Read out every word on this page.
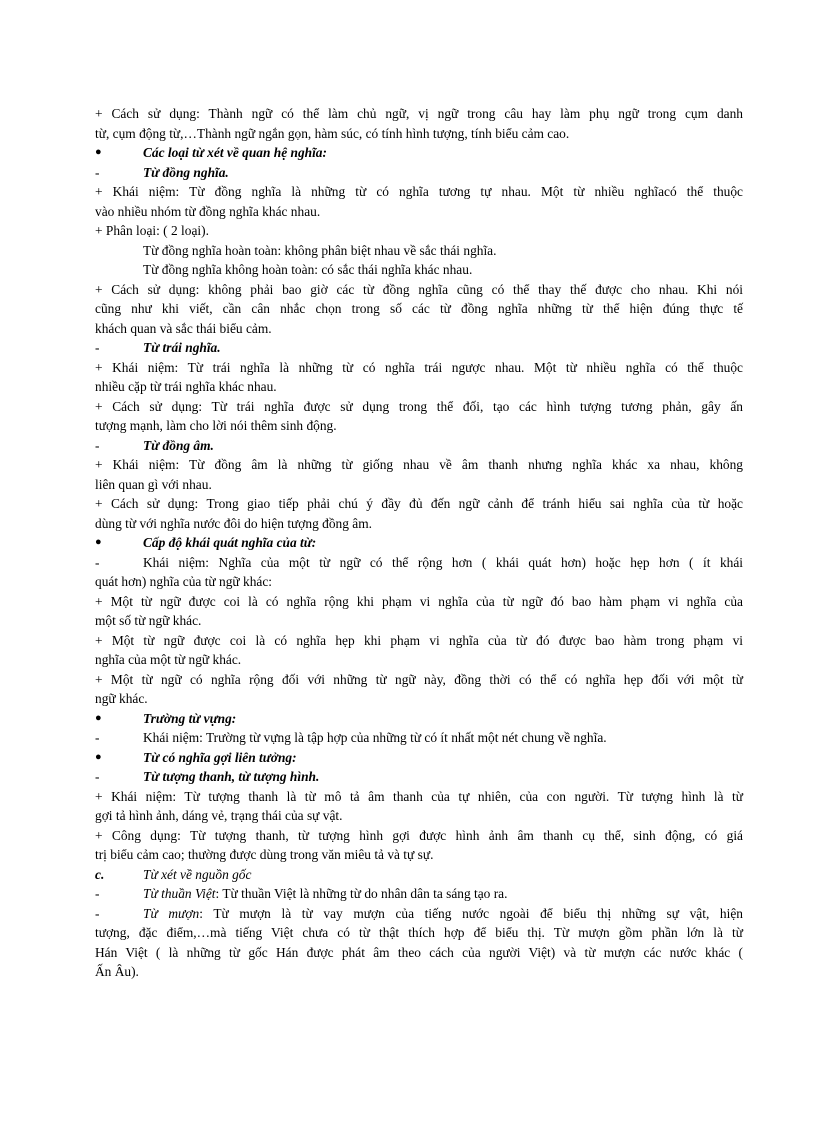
+ Cách sử dụng: Thành ngữ có thể làm chủ ngữ, vị ngữ trong câu hay làm phụ ngữ trong cụm danh
từ, cụm động từ,…Thành ngữ ngắn gọn, hàm súc, có tính hình tượng, tính biểu cảm cao.
●	Các loại từ xét về quan hệ nghĩa:
-	Từ đồng nghĩa.
+ Khái niệm: Từ đồng nghĩa là những từ có nghĩa tương tự nhau. Một từ nhiều nghĩacó thể thuộc
vào nhiều nhóm từ đồng nghĩa khác nhau.
+ Phân loại: ( 2 loại).
Từ đồng nghĩa hoàn toàn: không phân biệt nhau về sắc thái nghĩa.
Từ đồng nghĩa không hoàn toàn: có sắc thái nghĩa khác nhau.
+ Cách sử dụng: không phải bao giờ các từ đồng nghĩa cũng có thể thay thế được cho nhau. Khi nói
cũng như khi viết, cần cân nhắc chọn trong số các từ đồng nghĩa những từ thể hiện đúng thực tế
khách quan và sắc thái biểu cảm.
-	Từ trái nghĩa.
+ Khái niệm: Từ trái nghĩa là những từ có nghĩa trái ngược nhau. Một từ nhiều nghĩa có thể thuộc
nhiều cặp từ trái nghĩa khác nhau.
+ Cách sử dụng: Từ trái nghĩa được sử dụng trong thể đối, tạo các hình tượng tương phản, gây ấn
tượng mạnh, làm cho lời nói thêm sinh động.
-	Từ đồng âm.
+ Khái niệm: Từ đồng âm là những từ giống nhau về âm thanh nhưng nghĩa khác xa nhau, không
liên quan gì với nhau.
+ Cách sử dụng: Trong giao tiếp phải chú ý đầy đủ đến ngữ cảnh để tránh hiểu sai nghĩa của từ hoặc
dùng từ với nghĩa nước đôi do hiện tượng đồng âm.
●	Cấp độ khái quát nghĩa của từ:
-	Khái niệm: Nghĩa của một từ ngữ có thể rộng hơn ( khái quát hơn) hoặc hẹp hơn ( ít khái
quát hơn) nghĩa của từ ngữ khác:
+ Một từ ngữ được coi là có nghĩa rộng khi phạm vi nghĩa của từ ngữ đó bao hàm phạm vi nghĩa của
một số từ ngữ khác.
+ Một từ ngữ được coi là có nghĩa hẹp khi phạm vi nghĩa của từ đó được bao hàm trong phạm vi
nghĩa của một từ ngữ khác.
+ Một từ ngữ có nghĩa rộng đối với những từ ngữ này, đồng thời có thể có nghĩa hẹp đối với một từ
ngữ khác.
●	Trường từ vựng:
-	Khái niệm: Trường từ vựng là tập hợp của những từ có ít nhất một nét chung về nghĩa.
●	Từ có nghĩa gợi liên tưởng:
-	Từ tượng thanh, từ tượng hình.
+ Khái niệm: Từ tượng thanh là từ mô tả âm thanh của tự nhiên, của con người. Từ tượng hình là từ
gợi tả hình ảnh, dáng vẻ, trạng thái của sự vật.
+ Công dụng: Từ tượng thanh, từ tượng hình gợi được hình ảnh âm thanh cụ thể, sinh động, có giá
trị biểu cảm cao; thường được dùng trong văn miêu tả và tự sự.
c.	Từ xét về nguồn gốc
-	Từ thuần Việt: Từ thuần Việt là những từ do nhân dân ta sáng tạo ra.
-	Từ mượn: Từ mượn là từ vay mượn của tiếng nước ngoài để biểu thị những sự vật, hiện
tượng, đặc điểm,…mà tiếng Việt chưa có từ thật thích hợp để biểu thị. Từ mượn gồm phần lớn là từ
Hán Việt ( là những từ gốc Hán được phát âm theo cách của người Việt) và từ mượn các nước khác (
Ấn Âu).
